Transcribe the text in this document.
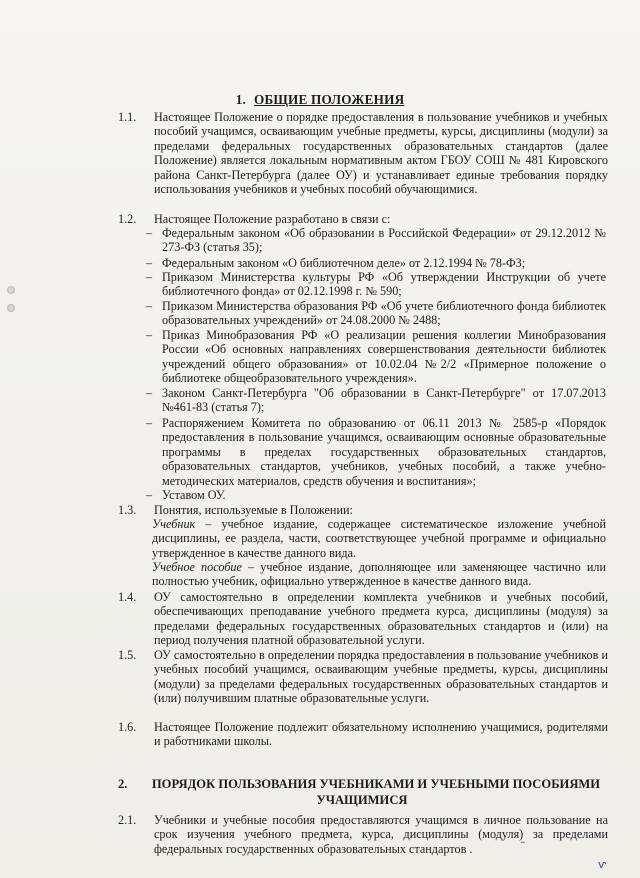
1. ОБЩИЕ ПОЛОЖЕНИЯ
1.1. Настоящее Положение о порядке предоставления в пользование учебников и учебных пособий учащимся, осваивающим учебные предметы, курсы, дисциплины (модули) за пределами федеральных государственных образовательных стандартов (далее Положение) является локальным нормативным актом ГБОУ СОШ № 481 Кировского района Санкт-Петербурга (далее ОУ) и устанавливает единые требования порядку использования учебников и учебных пособий обучающимися.
1.2. Настоящее Положение разработано в связи с:
– Федеральным законом «Об образовании в Российской Федерации» от 29.12.2012 № 273-ФЗ (статья 35);
– Федеральным законом «О библиотечном деле» от 2.12.1994 № 78-ФЗ;
– Приказом Министерства культуры РФ «Об утверждении Инструкции об учете библиотечного фонда» от 02.12.1998 г. № 590;
– Приказом Министерства образования РФ «Об учете библиотечного фонда библиотек образовательных учреждений» от 24.08.2000 № 2488;
– Приказ Минобразования РФ «О реализации решения коллегии Минобразования России «Об основных направлениях совершенствования деятельности библиотек учреждений общего образования» от 10.02.04 №2/2 «Примерное положение о библиотеке общеобразовательного учреждения».
– Законом Санкт-Петербурга "Об образовании в Санкт-Петербурге" от 17.07.2013 №461-83 (статья 7);
– Распоряжением Комитета по образованию от 06.11 2013 № 2585-р «Порядок предоставления в пользование учащимся, осваивающим основные образовательные программы в пределах государственных образовательных стандартов, образовательных стандартов, учебников, учебных пособий, а также учебно-методических материалов, средств обучения и воспитания»;
– Уставом ОУ.
1.3. Понятия, используемые в Положении:
Учебник – учебное издание, содержащее систематическое изложение учебной дисциплины, ее раздела, части, соответствующее учебной программе и официально утвержденное в качестве данного вида.
Учебное пособие – учебное издание, дополняющее или заменяющее частично или полностью учебник, официально утвержденное в качестве данного вида.
1.4. ОУ самостоятельно в определении комплекта учебников и учебных пособий, обеспечивающих преподавание учебного предмета курса, дисциплины (модуля) за пределами федеральных государственных образовательных стандартов и (или) на период получения платной образовательной услуги.
1.5. ОУ самостоятельно в определении порядка предоставления в пользование учебников и учебных пособий учащимся, осваивающим учебные предметы, курсы, дисциплины (модули) за пределами федеральных государственных образовательных стандартов и (или) получившим платные образовательные услуги.
1.6. Настоящее Положение подлежит обязательному исполнению учащимися, родителями и работниками школы.
2.	ПОРЯДОК ПОЛЬЗОВАНИЯ УЧЕБНИКАМИ И УЧЕБНЫМИ ПОСОБИЯМИ
УЧАЩИМИСЯ
2.1. Учебники и учебные пособия предоставляются учащимся в личное пользование на срок изучения учебного предмета, курса, дисциплины (модуля) за пределами федеральных государственных образовательных стандартов .	˜
ⱱ
